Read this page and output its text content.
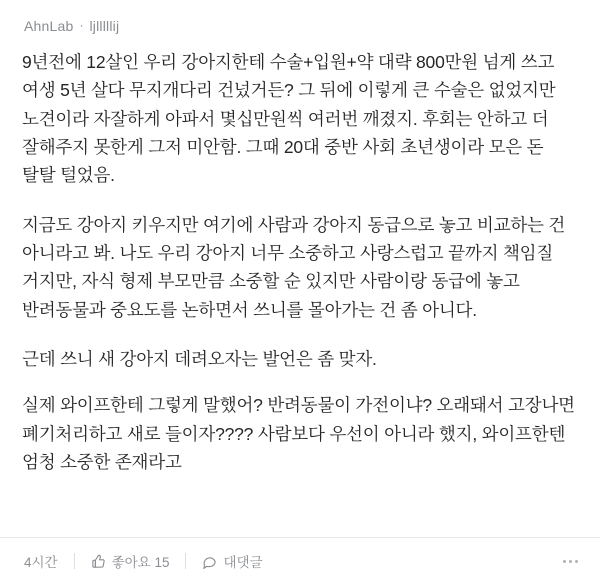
AhnLab · ljlllllij

9년전에 12살인 우리 강아지한테 수술+입원+약 대략 800만원 넘게 쓰고 여생 5년 살다 무지개다리 건넜거든? 그 뒤에 이렇게 큰 수술은 없었지만 노견이라 자잘하게 아파서 몇십만원씩 여러번 깨졌지. 후회는 안하고 더 잘해주지 못한게 그저 미안함. 그때 20대 중반 사회 초년생이라 모은 돈 탈탈 털었음.

지금도 강아지 키우지만 여기에 사람과 강아지 동급으로 놓고 비교하는 건 아니라고 봐. 나도 우리 강아지 너무 소중하고 사랑스럽고 끝까지 책임질 거지만, 자식 형제 부모만큼 소중할 순 있지만 사람이랑 동급에 놓고 반려동물과 중요도를 논하면서 쓰니를 몰아가는 건 좀 아니다.

근데 쓰니 새 강아지 데려오자는 발언은 좀 맞자.

실제 와이프한테 그렇게 말했어? 반려동물이 가전이냐? 오래돼서 고장나면 폐기처리하고 새로 들이자???? 사람보다 우선이 아니라 했지, 와이프한텐 엄청 소중한 존재라고

4시간	좋아요 15	대댓글
